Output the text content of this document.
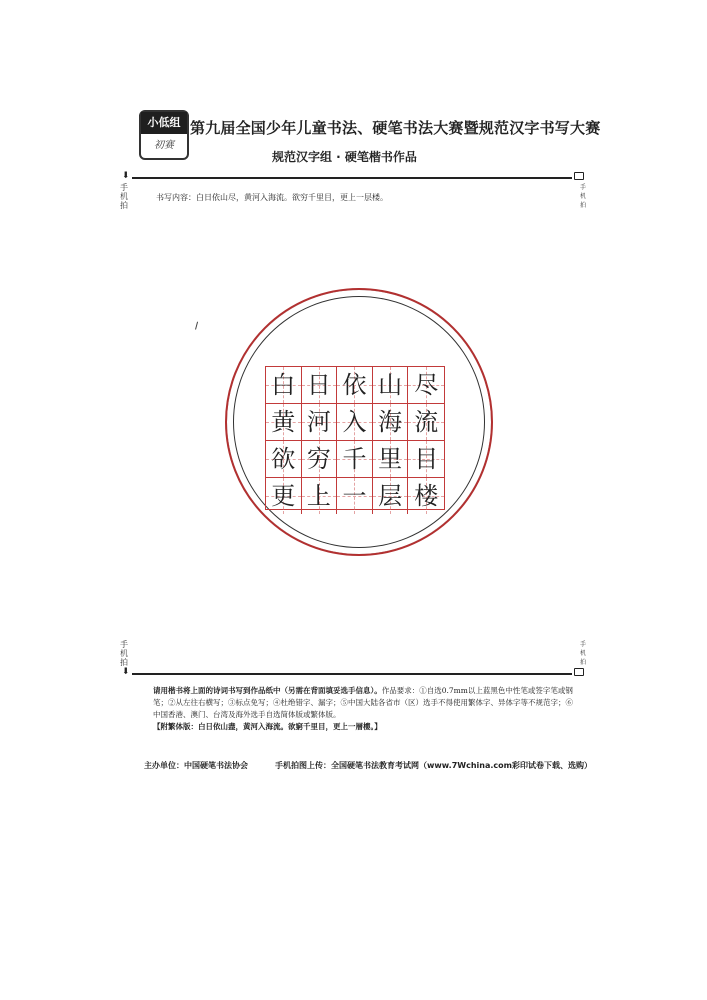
小低组
初赛
第九届全国少年儿童书法、硬笔书法大赛暨规范汉字书写大赛
规范汉字组 · 硬笔楷书作品
⬇
手
机
拍
手
机
拍
书写内容：白日依山尽，黄河入海流。欲穷千里目，更上一层楼。
白 日 依 山 尽
黄 河 入 海 流
欲 穷 千 里 目
更 上 一 层 楼
手
机
拍
手
机
拍
⬇
请用楷书将上面的诗词书写到作品纸中（另需在背面填妥选手信息）。作品要求：①自选0.7mm以上蓝黑色中性笔或签字笔或钢笔；②从左往右横写；③标点免写；④杜绝错字、漏字；⑤中国大陆各省市（区）选手不得使用繁体字、异体字等不规范字；⑥中国香港、澳门、台湾及海外选手自选简体版或繁体版。
【附繁体版：白日依山盡，黃河入海流。欲窮千里目，更上一層樓。】
主办单位：中国硬笔书法协会	手机拍图上传：全国硬笔书法教育考试网（www.7Wchina.com彩印试卷下载、选购）
